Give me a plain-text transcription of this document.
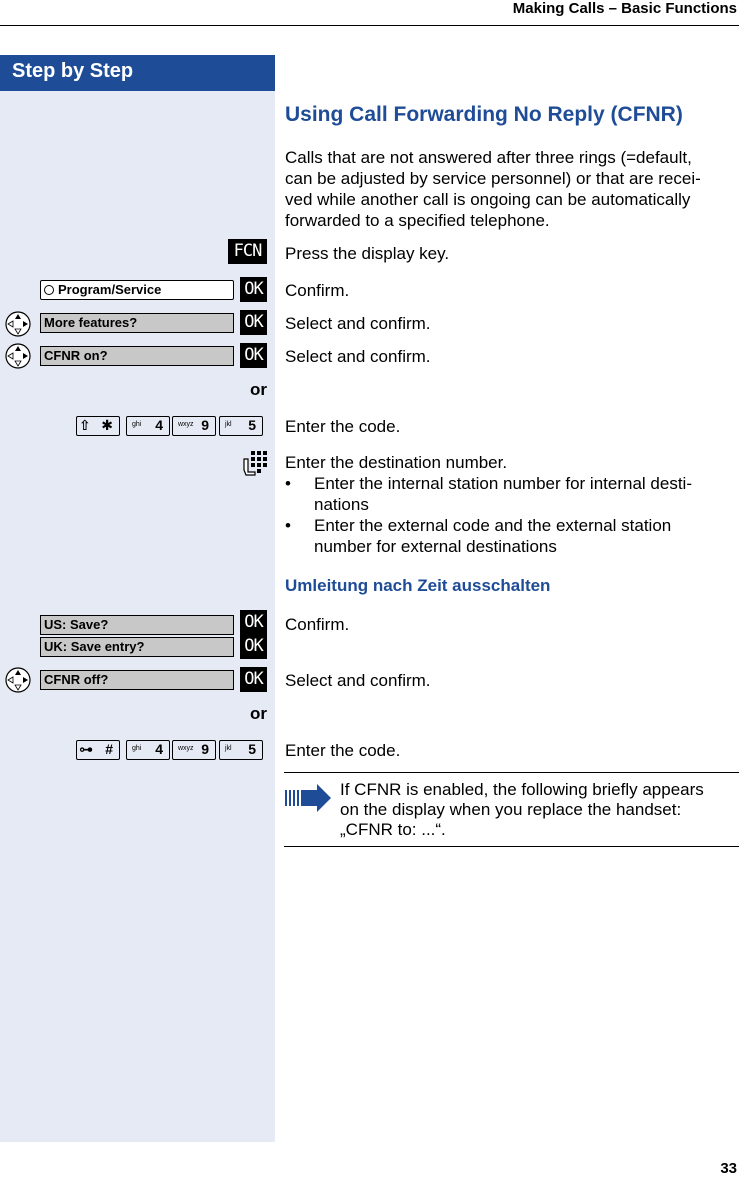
Making Calls – Basic Functions
Step by Step
Using Call Forwarding No Reply (CFNR)
Calls that are not answered after three rings (=default,
can be adjusted by service personnel) or that are recei-
ved while another call is ongoing can be automatically
forwarded to a specified telephone.
FCN	Press the display key.
Program/Service	OK Confirm.
More features?	OK Select and confirm.
CFNR on?	OK Select and confirm.
or
⇧ ✱	ghi 4 wxyz 9 jkl 5 Enter the code.
Enter the destination number.
• Enter the internal station number for internal desti-
nations
• Enter the external code and the external station
number for external destinations
Umleitung nach Zeit ausschalten
US: Save?	OK Confirm.
UK: Save entry?	OK
CFNR off?	OK Select and confirm.
or
⊶ #	ghi 4 wxyz 9 jkl 5 Enter the code.
If CFNR is enabled, the following briefly appears
on the display when you replace the handset:
„CFNR to: ...“.
33
